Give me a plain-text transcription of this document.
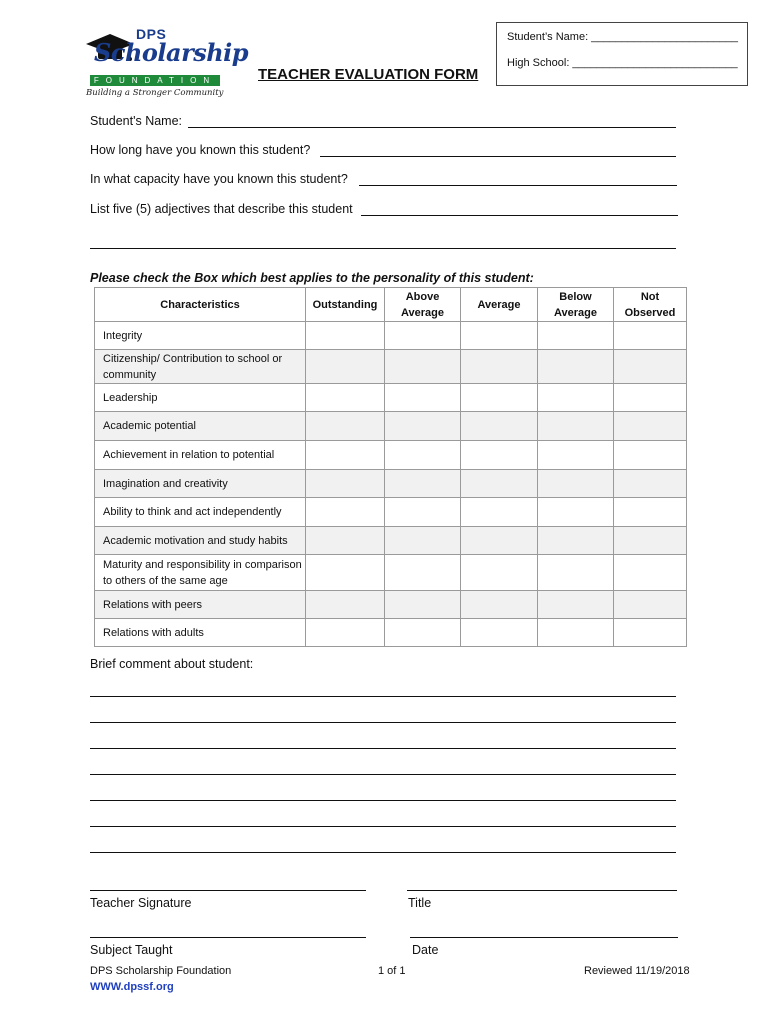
DPS
Scholarship
FOUNDATION
Building a Stronger Community
TEACHER EVALUATION FORM
Student’s Name: ________________________
High School: ___________________________
Student's Name:
How long have you known this student?
In what capacity have you known this student?
List five (5) adjectives that describe this student
Please check the Box which best applies to the personality of this student:
Characteristics	Outstanding	Above Average	Average	Below Average	Not Observed
Integrity					
Citizenship/ Contribution to school or community					
Leadership					
Academic potential					
Achievement in relation to potential					
Imagination and creativity					
Ability to think and act independently					
Academic motivation and study habits					
Maturity and responsibility in comparison to others of the same age					
Relations with peers					
Relations with adults					
Brief comment about student:
Teacher Signature	Title
Subject Taught	Date
DPS Scholarship Foundation	1 of 1	Reviewed 11/19/2018
WWW.dpssf.org
